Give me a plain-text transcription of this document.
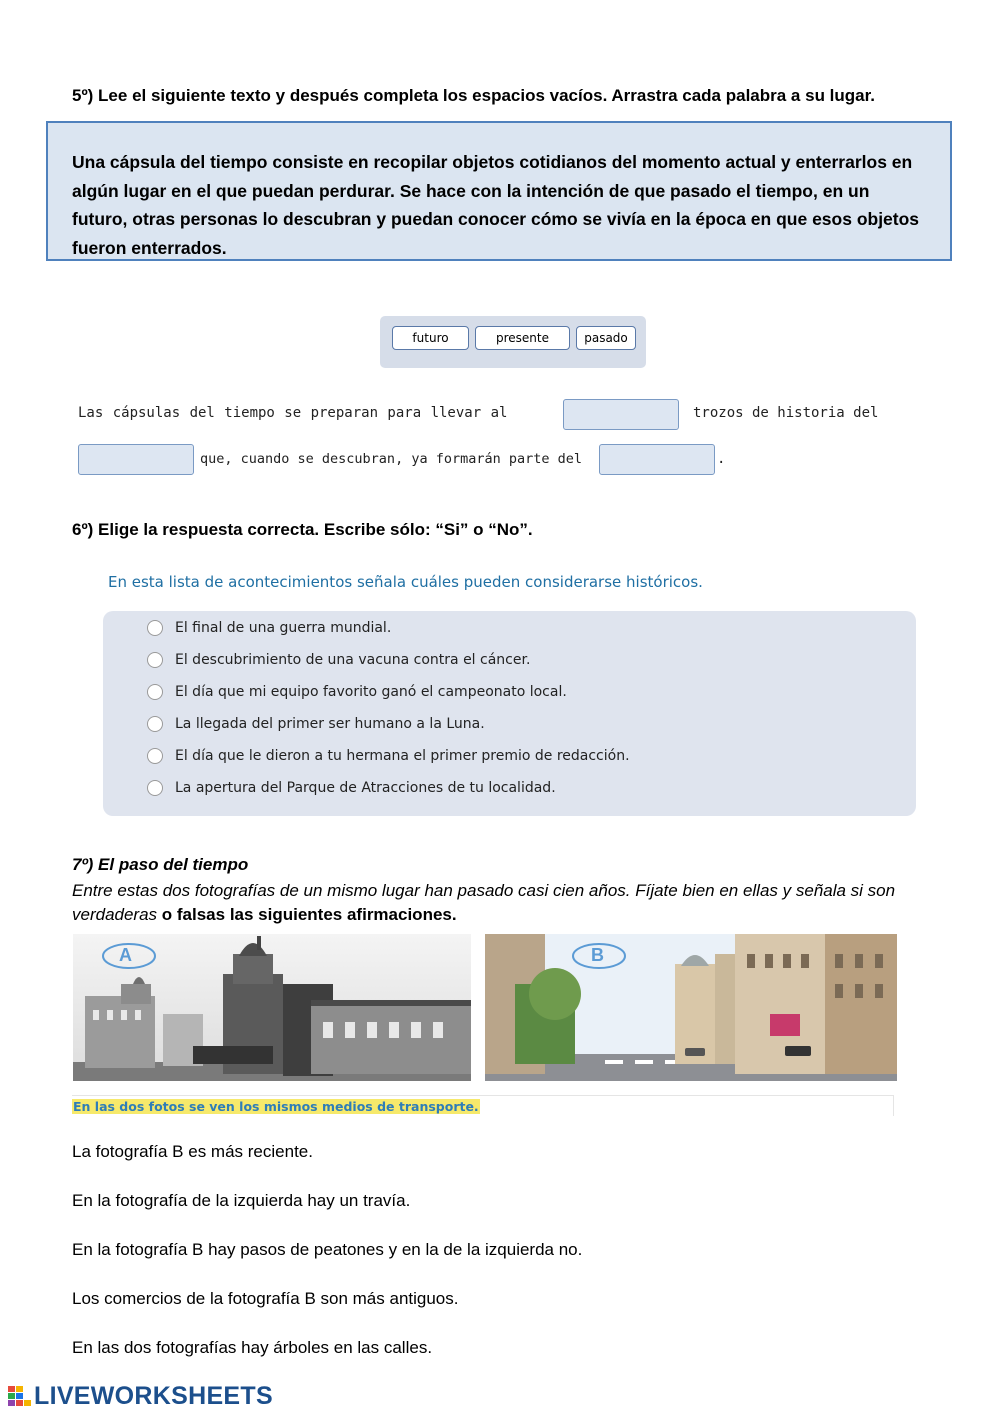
5º) Lee el siguiente texto y después completa los espacios vacíos. Arrastra cada palabra a su lugar.
Una cápsula del tiempo consiste en recopilar objetos cotidianos del momento actual y enterrarlos en
algún lugar en el que puedan perdurar. Se hace con la intención de que pasado el tiempo, en un
futuro, otras personas lo descubran y puedan conocer cómo se vivía en la época en que esos objetos
fueron enterrados.
futuro	presente	pasado
Las cápsulas del tiempo se preparan para llevar al	trozos de historia del
que, cuando se descubran, ya formarán parte del	.
6º) Elige la respuesta correcta. Escribe sólo: “Si” o “No”.
En esta lista de acontecimientos señala cuáles pueden considerarse históricos.
El final de una guerra mundial.
El descubrimiento de una vacuna contra el cáncer.
El día que mi equipo favorito ganó el campeonato local.
La llegada del primer ser humano a la Luna.
El día que le dieron a tu hermana el primer premio de redacción.
La apertura del Parque de Atracciones de tu localidad.
7º) El paso del tiempo
Entre estas dos fotografías de un mismo lugar han pasado casi cien años. Fíjate bien en ellas y señala si son verdaderas o falsas las siguientes afirmaciones.
A	B
En las dos fotos se ven los mismos medios de transporte.
La fotografía B es más reciente.
En la fotografía de la izquierda hay un travía.
En la fotografía B hay pasos de peatones y en la de la izquierda no.
Los comercios de la fotografía B son más antiguos.
En las dos fotografías hay árboles en las calles.
LIVEWORKSHEETS
